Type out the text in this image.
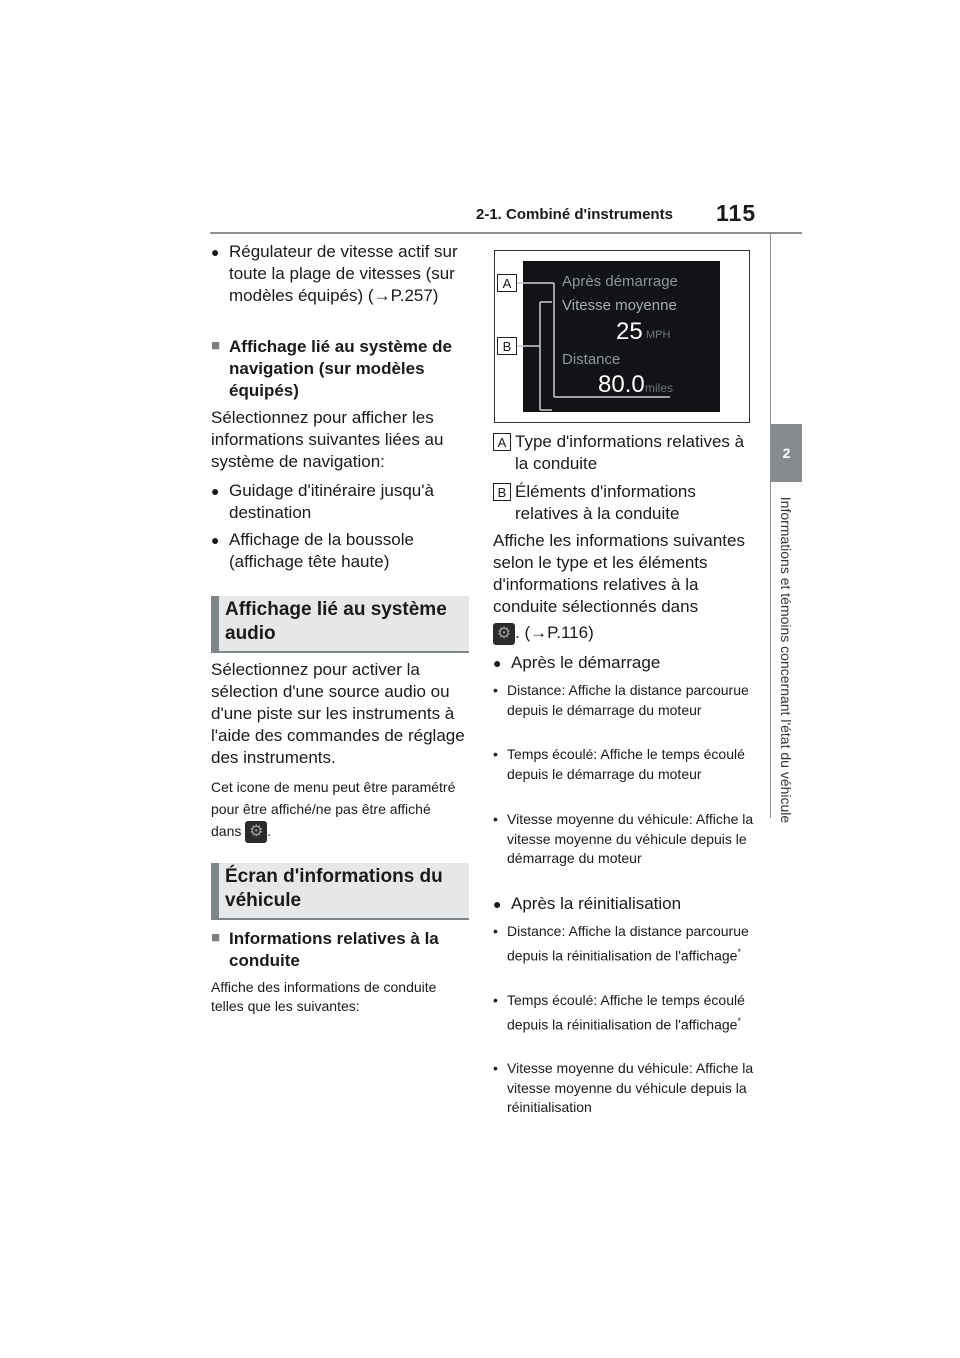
2-1. Combiné d'instruments 115
2
Informations et témoins concernant l'état du véhicule
● Régulateur de vitesse actif sur toute la plage de vitesses (sur modèles équipés) (→P.257)
■ Affichage lié au système de navigation (sur modèles équipés)
Sélectionnez pour afficher les informations suivantes liées au système de navigation:
● Guidage d'itinéraire jusqu'à destination
● Affichage de la boussole (affichage tête haute)
Affichage lié au système audio
Sélectionnez pour activer la sélection d'une source audio ou d'une piste sur les instruments à l'aide des commandes de réglage des instruments.
Cet icone de menu peut être paramétré pour être affiché/ne pas être affiché dans ⚙ .
Écran d'informations du véhicule
■ Informations relatives à la conduite
Affiche des informations de conduite telles que les suivantes:
A
B
Après démarrage
Vitesse moyenne
25 MPH
Distance
80.0 miles
A Type d'informations relatives à la conduite
B Éléments d'informations relatives à la conduite
Affiche les informations suivantes selon le type et les éléments d'informations relatives à la conduite sélectionnés dans
⚙. (→P.116)
● Après le démarrage
• Distance: Affiche la distance parcourue depuis le démarrage du moteur
• Temps écoulé: Affiche le temps écoulé depuis le démarrage du moteur
• Vitesse moyenne du véhicule: Affiche la vitesse moyenne du véhicule depuis le démarrage du moteur
● Après la réinitialisation
• Distance: Affiche la distance parcourue depuis la réinitialisation de l'affichage*
• Temps écoulé: Affiche le temps écoulé depuis la réinitialisation de l'affichage*
• Vitesse moyenne du véhicule: Affiche la vitesse moyenne du véhicule depuis la réinitialisation
